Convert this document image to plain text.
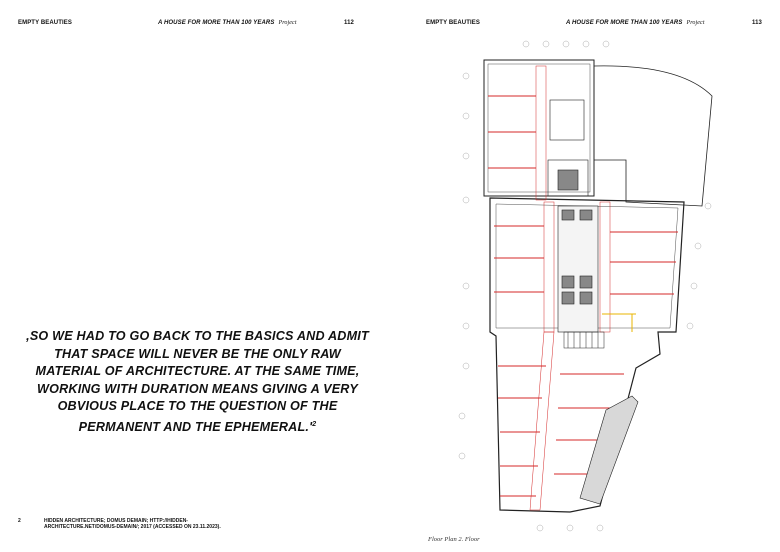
EMPTY BEAUTIES	A HOUSE FOR MORE THAN 100 YEARS Project	112
,SO WE HAD TO GO BACK TO THE BASICS AND ADMIT THAT SPACE WILL NEVER BE THE ONLY RAW MATERIAL OF ARCHITECTURE. AT THE SAME TIME, WORKING WITH DURATION MEANS GIVING A VERY OBVIOUS PLACE TO THE QUESTION OF THE PERMANENT AND THE $EPHEMERAL.'^2$
2	HIDDEN ARCHITECTURE; DOMUS DEMAIN; HTTP://HIDDEN-ARCHITECTURE.NET/DOMUS-DEMAIN/; 2017 (ACCESSED ON 23.11.2023).
EMPTY BEAUTIES	A HOUSE FOR MORE THAN 100 YEARS Project	113
Floor Plan 2. Floor
